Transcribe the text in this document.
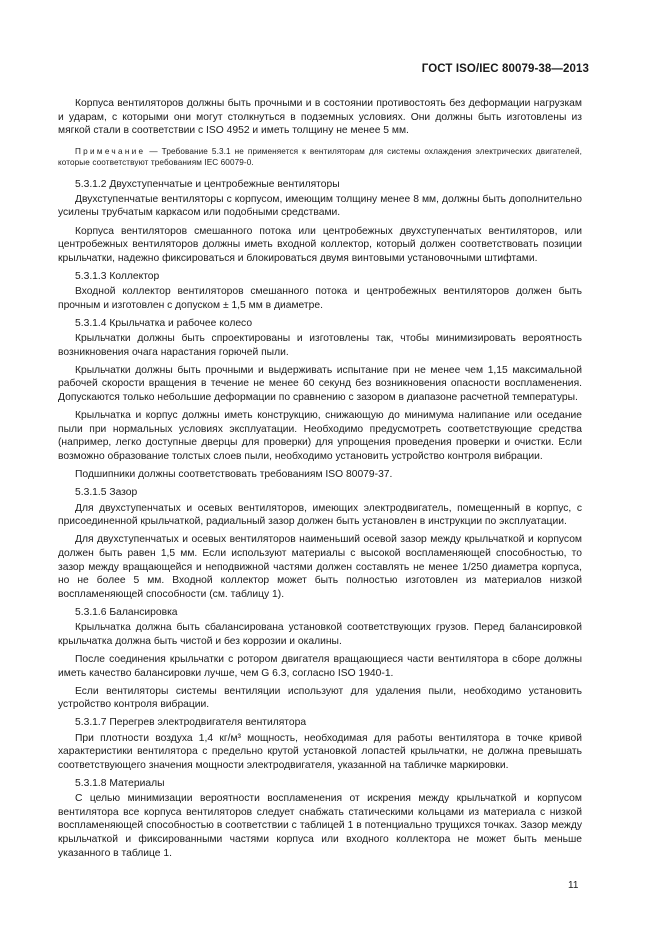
ГОСТ ISO/IEC 80079-38—2013
Корпуса вентиляторов должны быть прочными и в состоянии противостоять без деформации нагрузкам и ударам, с которыми они могут столкнуться в подземных условиях. Они должны быть изготовлены из мягкой стали в соответствии с ISO 4952 и иметь толщину не менее 5 мм.
Примечание — Требование 5.3.1 не применяется к вентиляторам для системы охлаждения электрических двигателей, которые соответствуют требованиям IEC 60079-0.
5.3.1.2 Двухступенчатые и центробежные вентиляторы
Двухступенчатые вентиляторы с корпусом, имеющим толщину менее 8 мм, должны быть дополнительно усилены трубчатым каркасом или подобными средствами.
Корпуса вентиляторов смешанного потока или центробежных двухступенчатых вентиляторов, или центробежных вентиляторов должны иметь входной коллектор, который должен соответствовать позиции крыльчатки, надежно фиксироваться и блокироваться двумя винтовыми установочными штифтами.
5.3.1.3 Коллектор
Входной коллектор вентиляторов смешанного потока и центробежных вентиляторов должен быть прочным и изготовлен с допуском ± 1,5 мм в диаметре.
5.3.1.4 Крыльчатка и рабочее колесо
Крыльчатки должны быть спроектированы и изготовлены так, чтобы минимизировать вероятность возникновения очага нарастания горючей пыли.
Крыльчатки должны быть прочными и выдерживать испытание при не менее чем 1,15 максимальной рабочей скорости вращения в течение не менее 60 секунд без возникновения опасности воспламенения. Допускаются только небольшие деформации по сравнению с зазором в диапазоне расчетной температуры.
Крыльчатка и корпус должны иметь конструкцию, снижающую до минимума налипание или оседание пыли при нормальных условиях эксплуатации. Необходимо предусмотреть соответствующие средства (например, легко доступные дверцы для проверки) для упрощения проведения проверки и очистки. Если возможно образование толстых слоев пыли, необходимо установить устройство контроля вибрации.
Подшипники должны соответствовать требованиям ISO 80079-37.
5.3.1.5 Зазор
Для двухступенчатых и осевых вентиляторов, имеющих электродвигатель, помещенный в корпус, с присоединенной крыльчаткой, радиальный зазор должен быть установлен в инструкции по эксплуатации.
Для двухступенчатых и осевых вентиляторов наименьший осевой зазор между крыльчаткой и корпусом должен быть равен 1,5 мм. Если используют материалы с высокой воспламеняющей способностью, то зазор между вращающейся и неподвижной частями должен составлять не менее 1/250 диаметра корпуса, но не более 5 мм. Входной коллектор может быть полностью изготовлен из материалов низкой воспламеняющей способности (см. таблицу 1).
5.3.1.6 Балансировка
Крыльчатка должна быть сбалансирована установкой соответствующих грузов. Перед балансировкой крыльчатка должна быть чистой и без коррозии и окалины.
После соединения крыльчатки с ротором двигателя вращающиеся части вентилятора в сборе должны иметь качество балансировки лучше, чем G 6.3, согласно ISO 1940-1.
Если вентиляторы системы вентиляции используют для удаления пыли, необходимо установить устройство контроля вибрации.
5.3.1.7 Перегрев электродвигателя вентилятора
При плотности воздуха 1,4 кг/м³ мощность, необходимая для работы вентилятора в точке кривой характеристики вентилятора с предельно крутой установкой лопастей крыльчатки, не должна превышать соответствующего значения мощности электродвигателя, указанной на табличке маркировки.
5.3.1.8 Материалы
С целью минимизации вероятности воспламенения от искрения между крыльчаткой и корпусом вентилятора все корпуса вентиляторов следует снабжать статическими кольцами из материала с низкой воспламеняющей способностью в соответствии с таблицей 1 в потенциально трущихся точках. Зазор между крыльчаткой и фиксированными частями корпуса или входного коллектора не может быть меньше указанного в таблице 1.
11
